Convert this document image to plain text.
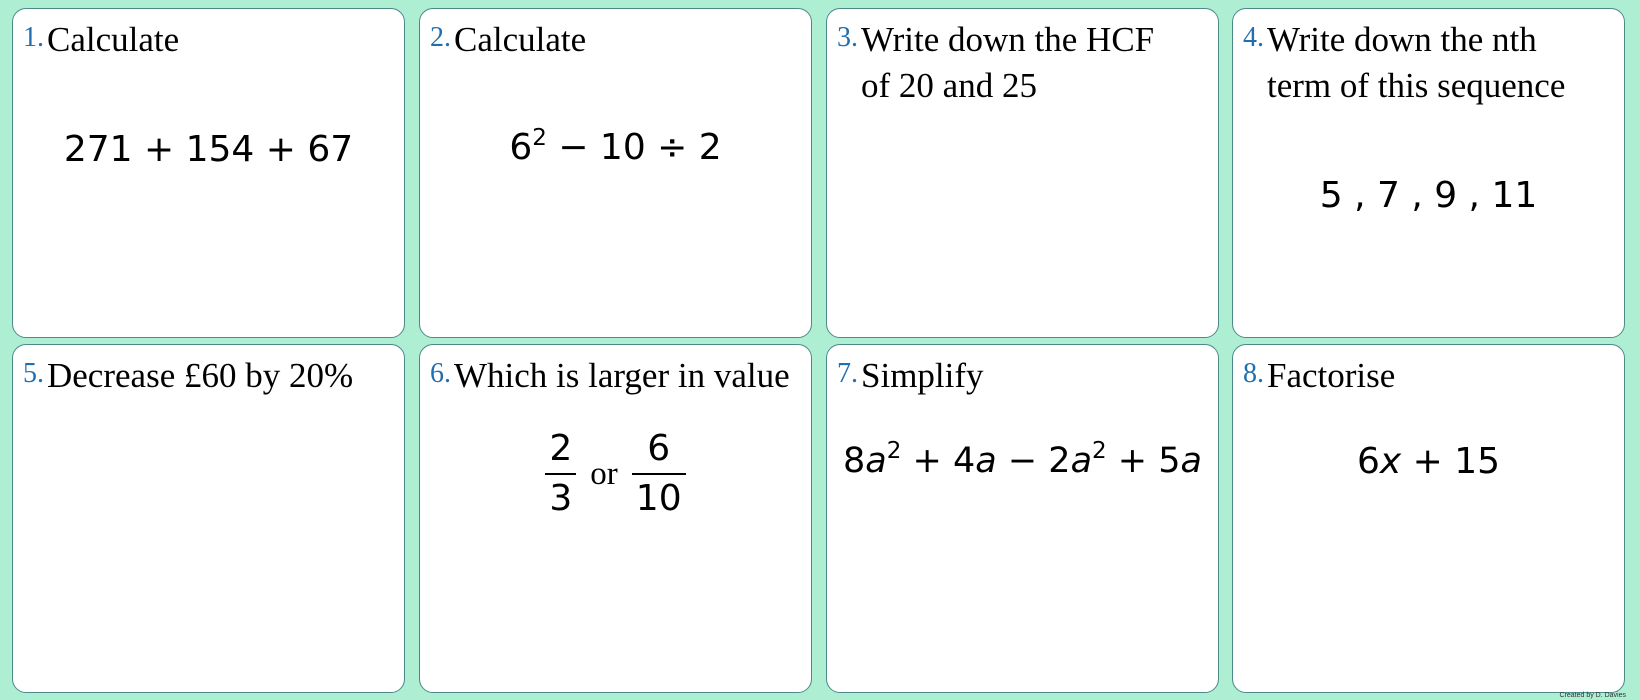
1. Calculate
271 + 154 + 67
2. Calculate
$6^2 - 10 \div 2$
3. Write down the HCF
of 20 and 25
4. Write down the nth
term of this sequence
5 , 7 , 9 , 11
5. Decrease £60 by 20%	6. Which is larger in value
$\frac{2}{3}$ or $\frac{6}{10}$
7. Simplify
$8a^2 + 4a - 2a^2 + 5a$
8. Factorise
6x + 15
Created by D. Davies
